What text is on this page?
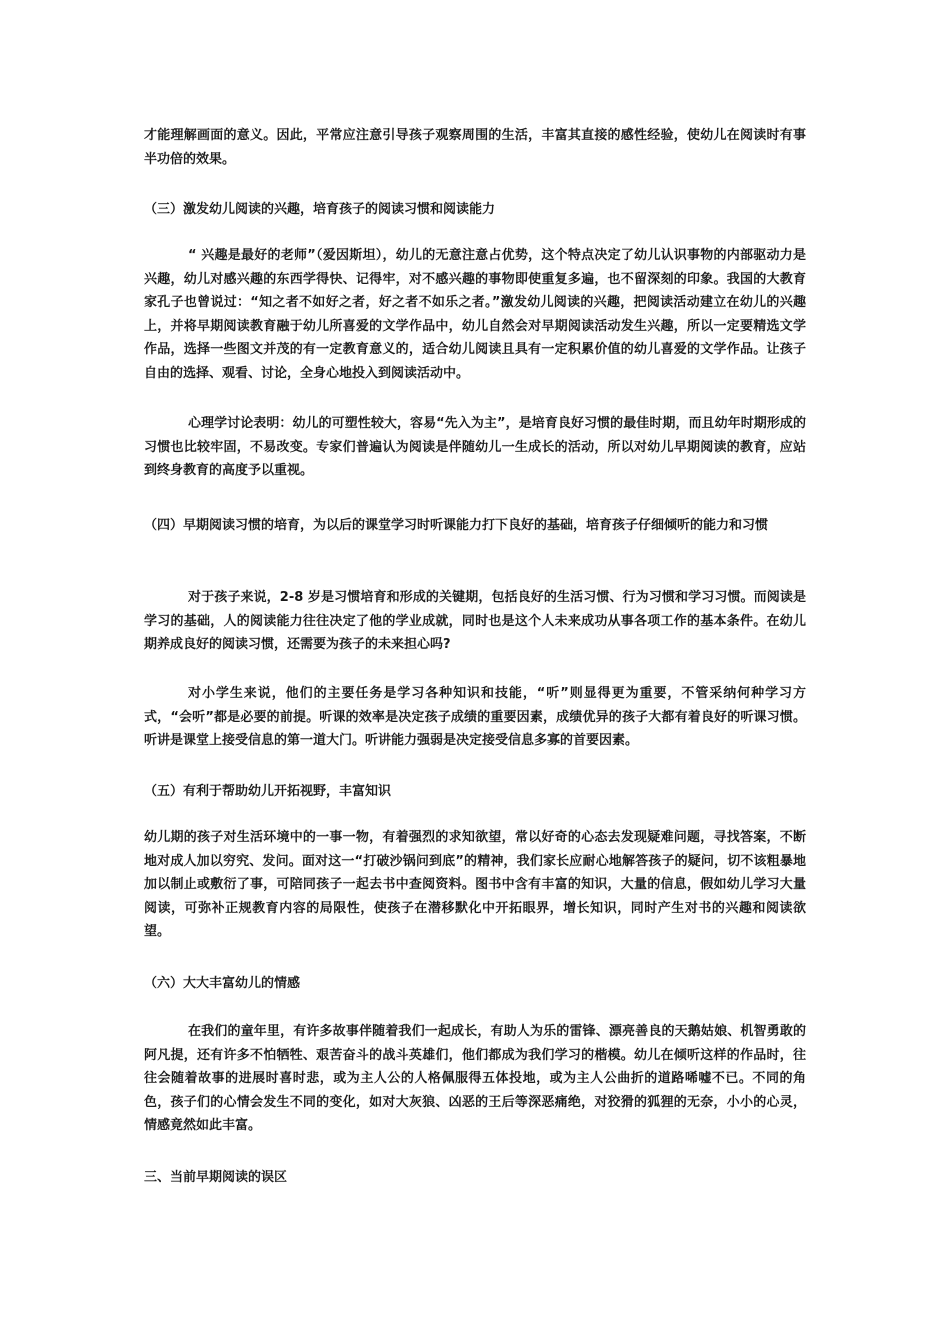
才能理解画面的意义。因此，平常应注意引导孩子观察周围的生活，丰富其直接的感性经验，使幼儿在阅读时有事半功倍的效果。

（三）激发幼儿阅读的兴趣，培育孩子的阅读习惯和阅读能力

“ 兴趣是最好的老师”（爱因斯坦），幼儿的无意注意占优势，这个特点决定了幼儿认识事物的内部驱动力是兴趣，幼儿对感兴趣的东西学得快、记得牢，对不感兴趣的事物即使重复多遍，也不留深刻的印象。我国的大教育家孔子也曾说过：“知之者不如好之者，好之者不如乐之者。”激发幼儿阅读的兴趣，把阅读活动建立在幼儿的兴趣上，并将早期阅读教育融于幼儿所喜爱的文学作品中，幼儿自然会对早期阅读活动发生兴趣，所以一定要精选文学作品，选择一些图文并茂的有一定教育意义的，适合幼儿阅读且具有一定积累价值的幼儿喜爱的文学作品。让孩子自由的选择、观看、讨论，全身心地投入到阅读活动中。

心理学讨论表明：幼儿的可塑性较大，容易“先入为主”，是培育良好习惯的最佳时期，而且幼年时期形成的习惯也比较牢固，不易改变。专家们普遍认为阅读是伴随幼儿一生成长的活动，所以对幼儿早期阅读的教育，应站到终身教育的高度予以重视。

（四）早期阅读习惯的培育，为以后的课堂学习时听课能力打下良好的基础，培育孩子仔细倾听的能力和习惯

对于孩子来说，2-8 岁是习惯培育和形成的关键期，包括良好的生活习惯、行为习惯和学习习惯。而阅读是学习的基础，人的阅读能力往往决定了他的学业成就，同时也是这个人未来成功从事各项工作的基本条件。在幼儿期养成良好的阅读习惯，还需要为孩子的未来担心吗?

对小学生来说，他们的主要任务是学习各种知识和技能，“听”则显得更为重要，不管采纳何种学习方式，“会听”都是必要的前提。听课的效率是决定孩子成绩的重要因素，成绩优异的孩子大都有着良好的听课习惯。听讲是课堂上接受信息的第一道大门。听讲能力强弱是决定接受信息多寡的首要因素。

（五）有利于帮助幼儿开拓视野，丰富知识

幼儿期的孩子对生活环境中的一事一物，有着强烈的求知欲望，常以好奇的心态去发现疑难问题，寻找答案，不断地对成人加以穷究、发问。面对这一“打破沙锅问到底”的精神，我们家长应耐心地解答孩子的疑问，切不该粗暴地加以制止或敷衍了事，可陪同孩子一起去书中查阅资料。图书中含有丰富的知识，大量的信息，假如幼儿学习大量阅读，可弥补正规教育内容的局限性，使孩子在潜移默化中开拓眼界，增长知识，同时产生对书的兴趣和阅读欲望。

（六）大大丰富幼儿的情感

在我们的童年里，有许多故事伴随着我们一起成长，有助人为乐的雷锋、漂亮善良的天鹅姑娘、机智勇敢的阿凡提，还有许多不怕牺牲、艰苦奋斗的战斗英雄们，他们都成为我们学习的楷模。幼儿在倾听这样的作品时，往往会随着故事的进展时喜时悲，或为主人公的人格佩服得五体投地，或为主人公曲折的道路唏嘘不已。不同的角色，孩子们的心情会发生不同的变化，如对大灰狼、凶恶的王后等深恶痛绝，对狡猾的狐狸的无奈，小小的心灵，情感竟然如此丰富。

三、当前早期阅读的误区
